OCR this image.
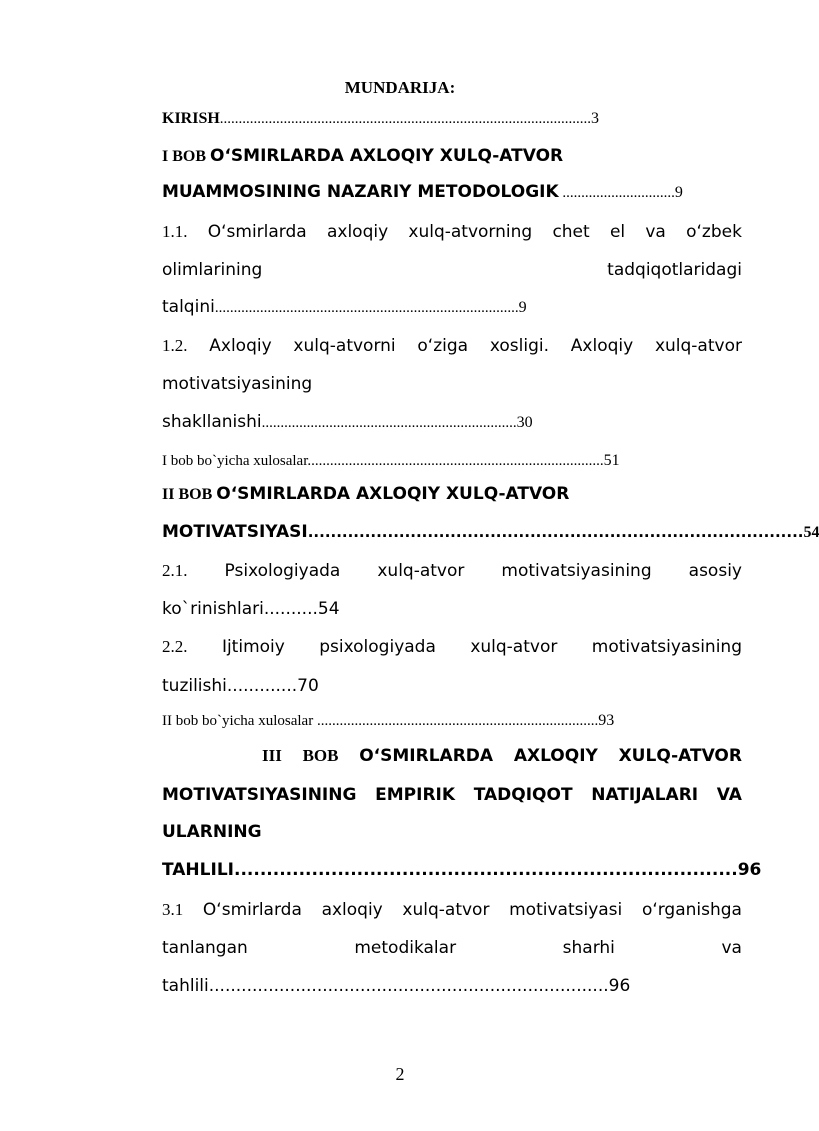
MUNDARIJA:
KIRISH...................................................................................................3
I BOB O‘SMIRLARDA AXLOQIY XULQ-ATVOR
MUAMMOSINING NAZARIY METODOLOGIK ..............................9
1.1. O‘smirlarda axloqiy xulq-atvorning chet el va o‘zbek
olimlarining	tadqiqotlaridagi
talqini.................................................................................9
1.2. Axloqiy xulq-atvorni o‘ziga xosligi. Axloqiy xulq-atvor
motivatsiyasining
shakllanishi....................................................................30
I bob bo`yicha xulosalar...............................................................................51
II BOB O‘SMIRLARDA AXLOQIY XULQ-ATVOR
MOTIVATSIYASI.......................................................................................54
2.1. Psixologiyada xulq-atvor motivatsiyasining asosiy
ko`rinishlari..........54
2.2. Ijtimoiy psixologiyada xulq-atvor motivatsiyasining
tuzilishi.............70
II bob bo`yicha xulosalar ...........................................................................93
III BOB O‘SMIRLARDA AXLOQIY XULQ-ATVOR
MOTIVATSIYASINING EMPIRIK TADQIQOT NATIJALARI VA
ULARNING
TAHLILI..............................................................................96
3.1 O‘smirlarda axloqiy xulq-atvor motivatsiyasi o‘rganishga
tanlangan	metodikalar	sharhi	va
tahlili..........................................................................96
2
